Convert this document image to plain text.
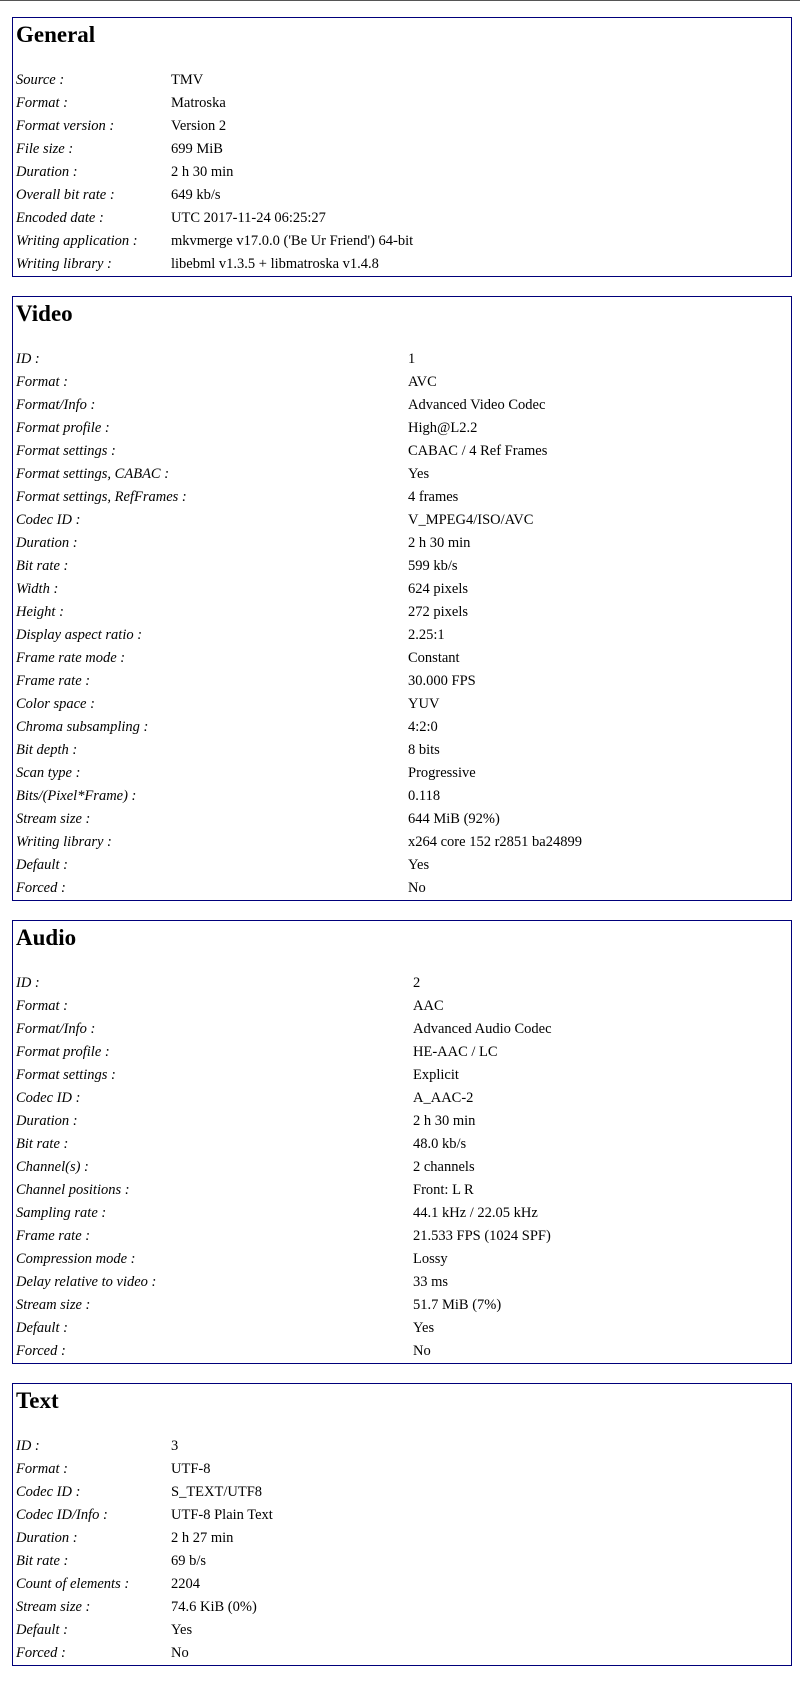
General
Source :	TMV
Format :	Matroska
Format version :	Version 2
File size :	699 MiB
Duration :	2 h 30 min
Overall bit rate :	649 kb/s
Encoded date :	UTC 2017-11-24 06:25:27
Writing application :	mkvmerge v17.0.0 ('Be Ur Friend') 64-bit
Writing library :	libebml v1.3.5 + libmatroska v1.4.8
Video
ID :	1
Format :	AVC
Format/Info :	Advanced Video Codec
Format profile :	High@L2.2
Format settings :	CABAC / 4 Ref Frames
Format settings, CABAC :	Yes
Format settings, RefFrames :	4 frames
Codec ID :	V_MPEG4/ISO/AVC
Duration :	2 h 30 min
Bit rate :	599 kb/s
Width :	624 pixels
Height :	272 pixels
Display aspect ratio :	2.25:1
Frame rate mode :	Constant
Frame rate :	30.000 FPS
Color space :	YUV
Chroma subsampling :	4:2:0
Bit depth :	8 bits
Scan type :	Progressive
Bits/(Pixel*Frame) :	0.118
Stream size :	644 MiB (92%)
Writing library :	x264 core 152 r2851 ba24899
Default :	Yes
Forced :	No
Audio
ID :	2
Format :	AAC
Format/Info :	Advanced Audio Codec
Format profile :	HE-AAC / LC
Format settings :	Explicit
Codec ID :	A_AAC-2
Duration :	2 h 30 min
Bit rate :	48.0 kb/s
Channel(s) :	2 channels
Channel positions :	Front: L R
Sampling rate :	44.1 kHz / 22.05 kHz
Frame rate :	21.533 FPS (1024 SPF)
Compression mode :	Lossy
Delay relative to video :	33 ms
Stream size :	51.7 MiB (7%)
Default :	Yes
Forced :	No
Text
ID :	3
Format :	UTF-8
Codec ID :	S_TEXT/UTF8
Codec ID/Info :	UTF-8 Plain Text
Duration :	2 h 27 min
Bit rate :	69 b/s
Count of elements :	2204
Stream size :	74.6 KiB (0%)
Default :	Yes
Forced :	No
